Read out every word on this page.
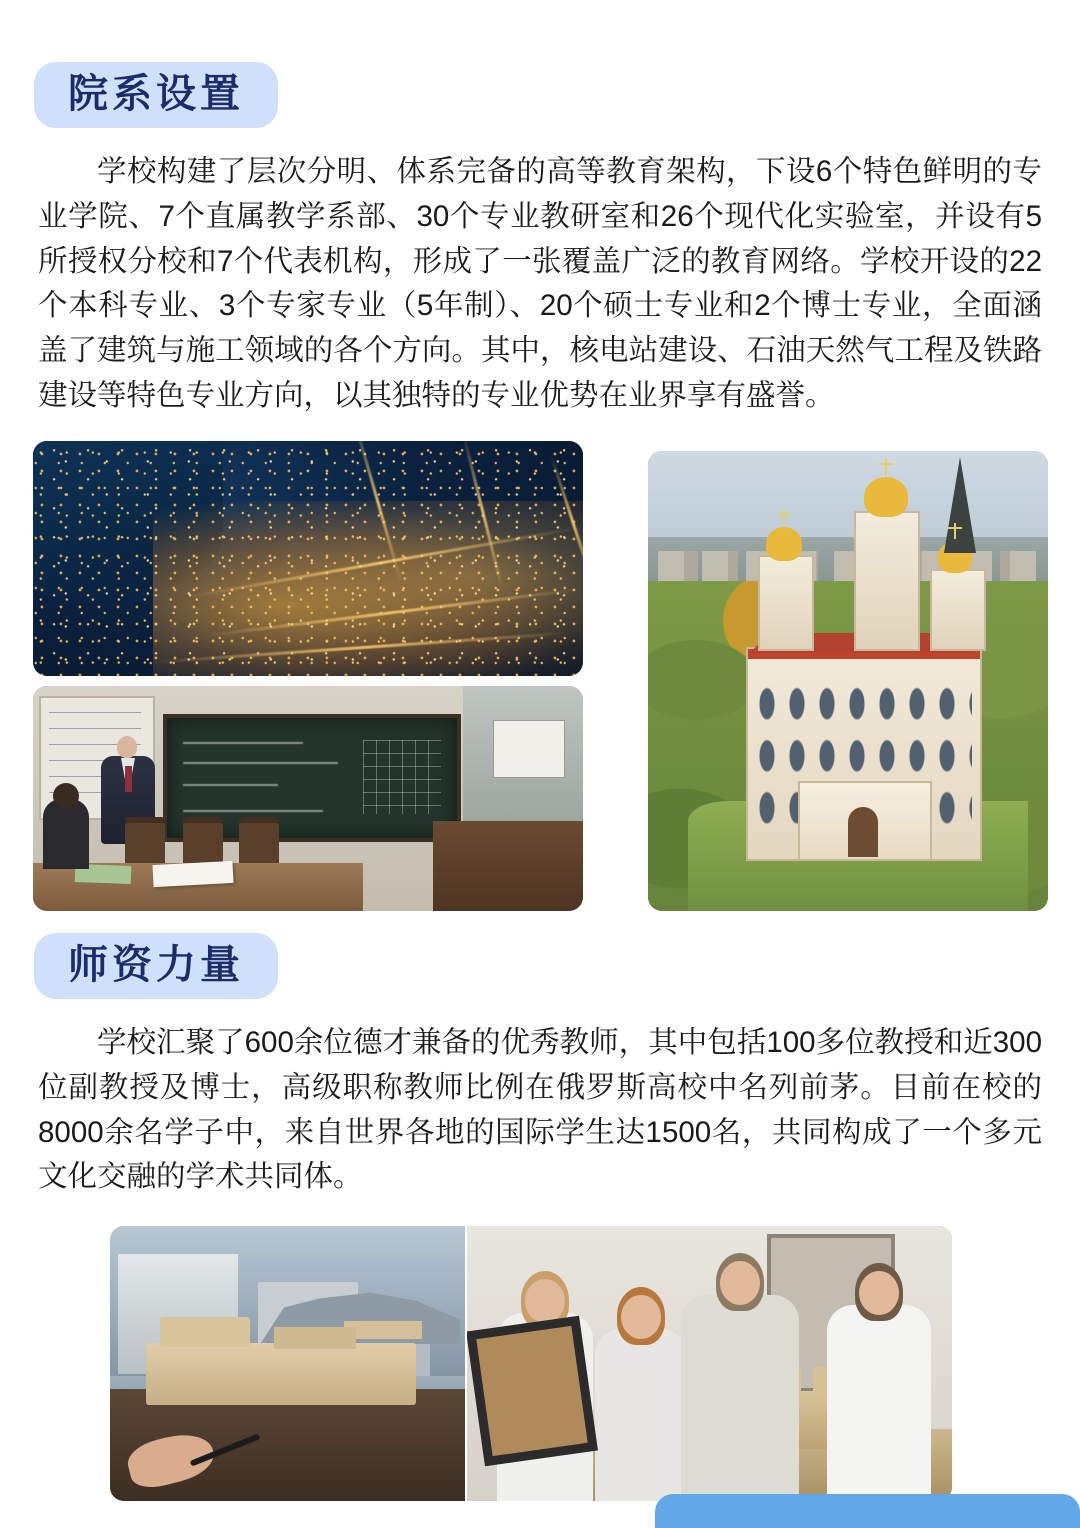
院系设置

学校构建了层次分明、体系完备的高等教育架构，下设6个特色鲜明的专业学院、7个直属教学系部、30个专业教研室和26个现代化实验室，并设有5所授权分校和7个代表机构，形成了一张覆盖广泛的教育网络。学校开设的22个本科专业、3个专家专业（5年制）、20个硕士专业和2个博士专业，全面涵盖了建筑与施工领域的各个方向。其中，核电站建设、石油天然气工程及铁路建设等特色专业方向，以其独特的专业优势在业界享有盛誉。

师资力量

学校汇聚了600余位德才兼备的优秀教师，其中包括100多位教授和近300位副教授及博士，高级职称教师比例在俄罗斯高校中名列前茅。目前在校的8000余名学子中，来自世界各地的国际学生达1500名，共同构成了一个多元文化交融的学术共同体。
